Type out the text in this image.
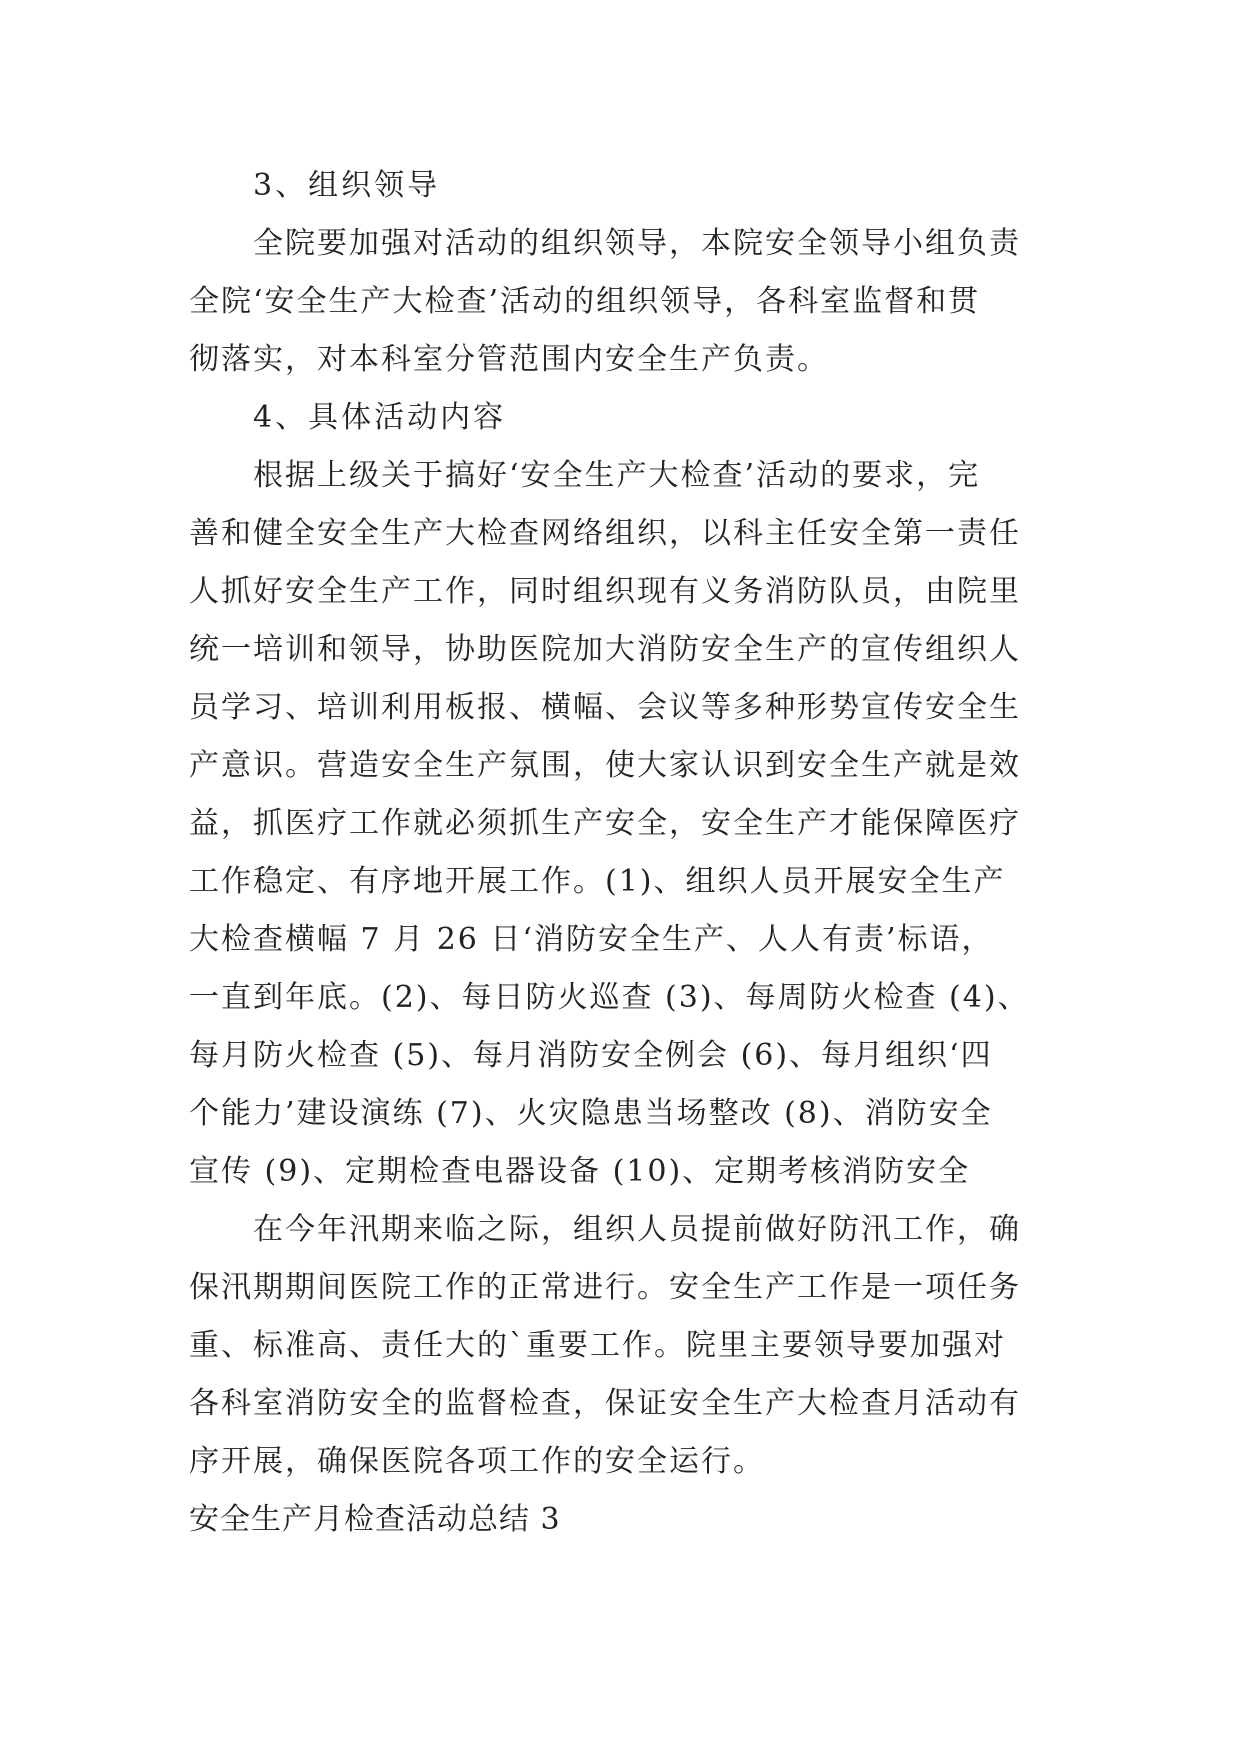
3、组织领导
全院要加强对活动的组织领导，本院安全领导小组负责
全院‘安全生产大检查’活动的组织领导，各科室监督和贯
彻落实，对本科室分管范围内安全生产负责。
4、具体活动内容
根据上级关于搞好‘安全生产大检查’活动的要求，完
善和健全安全生产大检查网络组织，以科主任安全第一责任
人抓好安全生产工作，同时组织现有义务消防队员，由院里
统一培训和领导，协助医院加大消防安全生产的宣传组织人
员学习、培训利用板报、横幅、会议等多种形势宣传安全生
产意识。营造安全生产氛围，使大家认识到安全生产就是效
益，抓医疗工作就必须抓生产安全，安全生产才能保障医疗
工作稳定、有序地开展工作。(1)、组织人员开展安全生产
大检查横幅 7 月 26 日‘消防安全生产、人人有责’标语，
一直到年底。(2)、每日防火巡查 (3)、每周防火检查 (4)、
每月防火检查 (5)、每月消防安全例会 (6)、每月组织‘四
个能力’建设演练 (7)、火灾隐患当场整改 (8)、消防安全
宣传 (9)、定期检查电器设备 (10)、定期考核消防安全
在今年汛期来临之际，组织人员提前做好防汛工作，确
保汛期期间医院工作的正常进行。安全生产工作是一项任务
重、标准高、责任大的`重要工作。院里主要领导要加强对
各科室消防安全的监督检查，保证安全生产大检查月活动有
序开展，确保医院各项工作的安全运行。
安全生产月检查活动总结 3
